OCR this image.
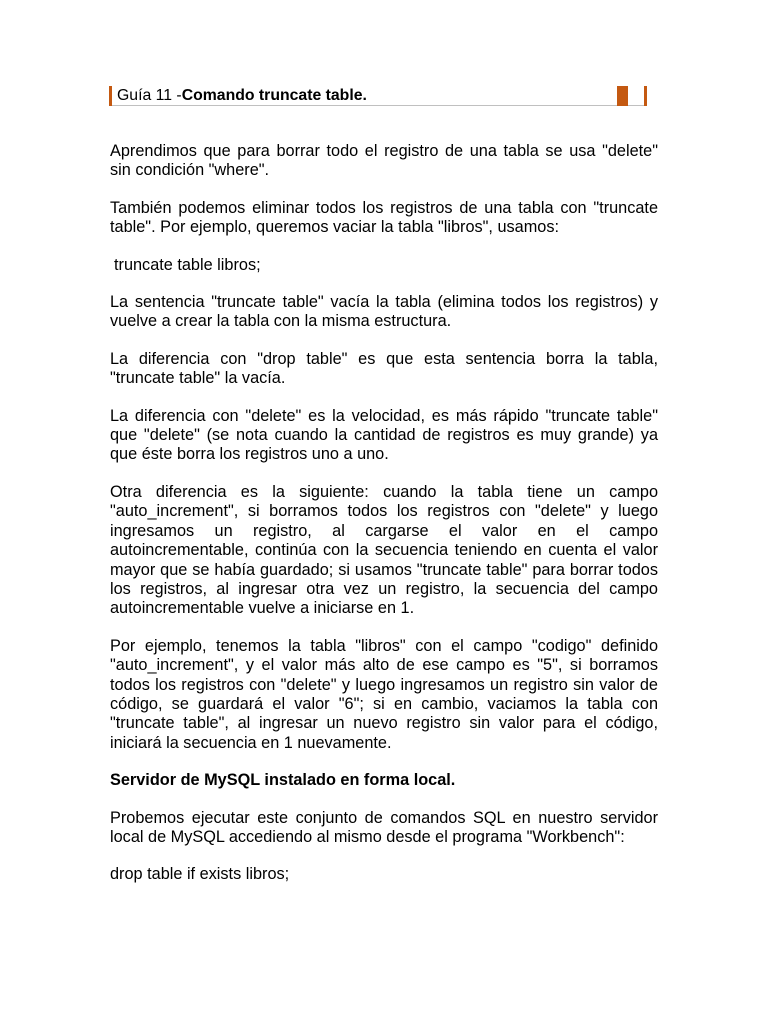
Guía 11 -Comando truncate table.

Aprendimos que para borrar todo el registro de una tabla se usa "delete" sin condición "where".

También podemos eliminar todos los registros de una tabla con "truncate table". Por ejemplo, queremos vaciar la tabla "libros", usamos:

truncate table libros;

La sentencia "truncate table" vacía la tabla (elimina todos los registros) y vuelve a crear la tabla con la misma estructura.

La diferencia con "drop table" es que esta sentencia borra la tabla, "truncate table" la vacía.

La diferencia con "delete" es la velocidad, es más rápido "truncate table" que "delete" (se nota cuando la cantidad de registros es muy grande) ya que éste borra los registros uno a uno.

Otra diferencia es la siguiente: cuando la tabla tiene un campo "auto_increment", si borramos todos los registros con "delete" y luego ingresamos un registro, al cargarse el valor en el campo autoincrementable, continúa con la secuencia teniendo en cuenta el valor mayor que se había guardado; si usamos "truncate table" para borrar todos los registros, al ingresar otra vez un registro, la secuencia del campo autoincrementable vuelve a iniciarse en 1.

Por ejemplo, tenemos la tabla "libros" con el campo "codigo" definido "auto_increment", y el valor más alto de ese campo es "5", si borramos todos los registros con "delete" y luego ingresamos un registro sin valor de código, se guardará el valor "6"; si en cambio, vaciamos la tabla con "truncate table", al ingresar un nuevo registro sin valor para el código, iniciará la secuencia en 1 nuevamente.

Servidor de MySQL instalado en forma local.

Probemos ejecutar este conjunto de comandos SQL en nuestro servidor local de MySQL accediendo al mismo desde el programa "Workbench":

drop table if exists libros;
